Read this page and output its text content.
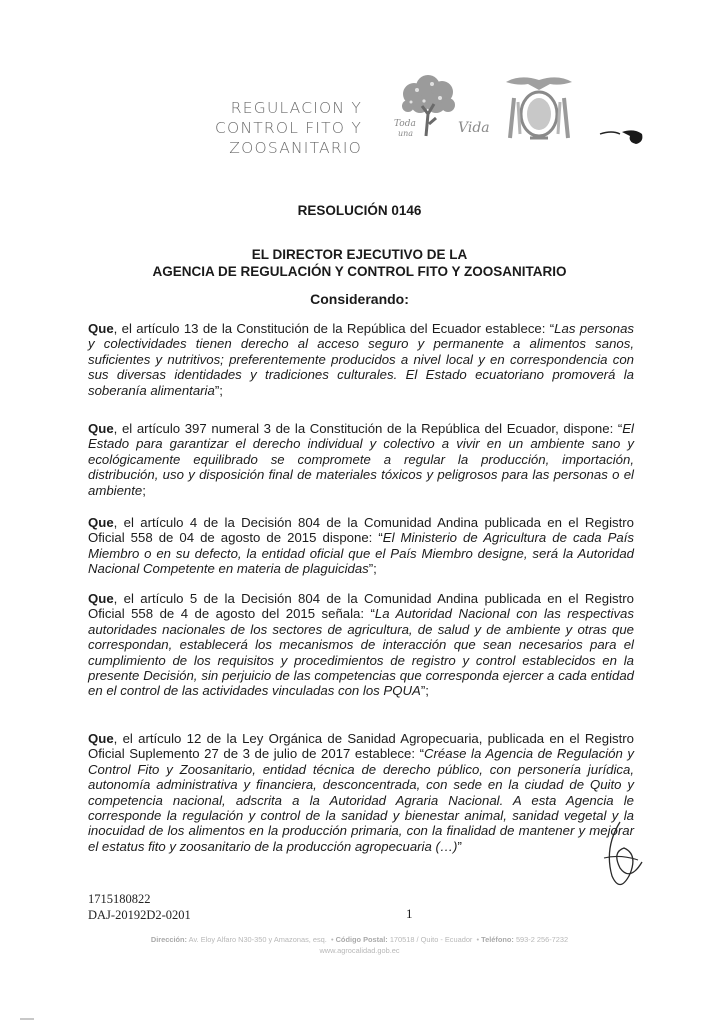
REGULACION Y
CONTROL FITO Y ZOOSANITARIO
Vida
Toda
una
RESOLUCIÓN 0146
EL DIRECTOR EJECUTIVO DE LA
AGENCIA DE REGULACIÓN Y CONTROL FITO Y ZOOSANITARIO
Considerando:
Que, el artículo 13 de la Constitución de la República del Ecuador establece: “Las personas y colectividades tienen derecho al acceso seguro y permanente a alimentos sanos, suficientes y nutritivos; preferentemente producidos a nivel local y en correspondencia con sus diversas identidades y tradiciones culturales. El Estado ecuatoriano promoverá la soberanía alimentaria”;
Que, el artículo 397 numeral 3 de la Constitución de la República del Ecuador, dispone: “El Estado para garantizar el derecho individual y colectivo a vivir en un ambiente sano y ecológicamente equilibrado se compromete a regular la producción, importación, distribución, uso y disposición final de materiales tóxicos y peligrosos para las personas o el ambiente;
Que, el artículo 4 de la Decisión 804 de la Comunidad Andina publicada en el Registro Oficial 558 de 04 de agosto de 2015 dispone: “El Ministerio de Agricultura de cada País Miembro o en su defecto, la entidad oficial que el País Miembro designe, será la Autoridad Nacional Competente en materia de plaguicidas”;
Que, el artículo 5 de la Decisión 804 de la Comunidad Andina publicada en el Registro Oficial 558 de 4 de agosto del 2015 señala: “La Autoridad Nacional con las respectivas autoridades nacionales de los sectores de agricultura, de salud y de ambiente y otras que correspondan, establecerá los mecanismos de interacción que sean necesarios para el cumplimiento de los requisitos y procedimientos de registro y control establecidos en la presente Decisión, sin perjuicio de las competencias que corresponda ejercer a cada entidad en el control de las actividades vinculadas con los PQUA”;
Que, el artículo 12 de la Ley Orgánica de Sanidad Agropecuaria, publicada en el Registro Oficial Suplemento 27 de 3 de julio de 2017 establece: “Créase la Agencia de Regulación y Control Fito y Zoosanitario, entidad técnica de derecho público, con personería jurídica, autonomía administrativa y financiera, desconcentrada, con sede en la ciudad de Quito y competencia nacional, adscrita a la Autoridad Agraria Nacional. A esta Agencia le corresponde la regulación y control de la sanidad y bienestar animal, sanidad vegetal y la inocuidad de los alimentos en la producción primaria, con la finalidad de mantener y mejorar el estatus fito y zoosanitario de la producción agropecuaria (…)”
1715180822
DAJ-20192D2-0201	1
Dirección: Av. Eloy Alfaro N30-350 y Amazonas, esq.  • Código Postal: 170518 / Quito - Ecuador  • Teléfono: 593-2 256-7232
www.agrocalidad.gob.ec
